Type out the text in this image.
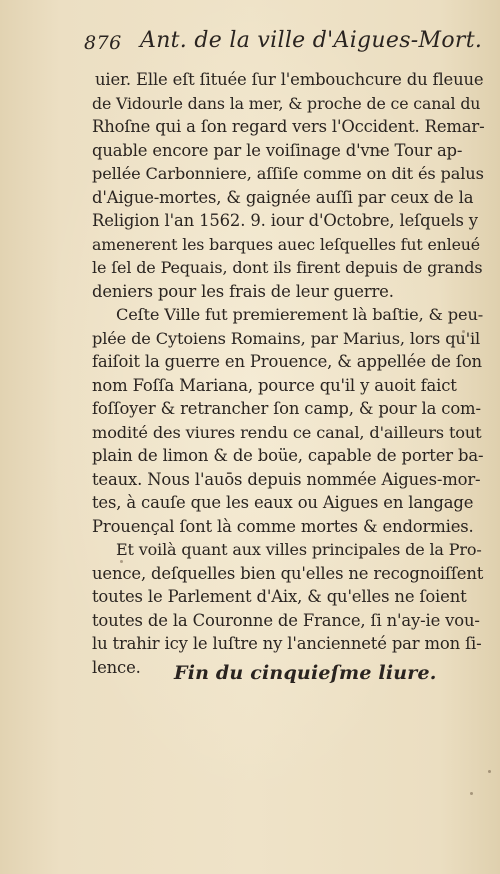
876 Ant. de la ville d'Aigues-Mort.
uier. Elle eſt ſituée ſur l'embouchcure du fleuue
de Vidourle dans la mer, & proche de ce canal du
Rhoſne qui a ſon regard vers l'Occident. Remar-
quable encore par le voiſinage d'vne Tour ap-
pellée Carbonniere, aſſiſe comme on dit és palus
d'Aigue-mortes, & gaignée auſſi par ceux de la
Religion l'an 1562. 9. iour d'Octobre, leſquels y
amenerent les barques auec leſquelles fut enleué
le ſel de Pequais, dont ils firent depuis de grands
deniers pour les frais de leur guerre.
Ceſte Ville fut premierement là baſtie, & peu-
plée de Cytoiens Romains, par Marius, lors qu'il
faiſoit la guerre en Prouence, & appellée de ſon
nom Foſſa Mariana, pource qu'il y auoit faict
foſſoyer & retrancher ſon camp, & pour la com-
modité des viures rendu ce canal, d'ailleurs tout
plain de limon & de boüe, capable de porter ba-
teaux. Nous l'auōs depuis nommée Aigues-mor-
tes, à cauſe que les eaux ou Aigues en langage
Prouençal ſont là comme mortes & endormies.
Et voilà quant aux villes principales de la Pro-
uence, deſquelles bien qu'elles ne recognoiſſent
toutes le Parlement d'Aix, & qu'elles ne ſoient
toutes de la Couronne de France, ſi n'ay-ie vou-
lu trahir icy le luſtre ny l'ancienneté par mon ſi-
lence.	Fin du cinquieſme liure.
